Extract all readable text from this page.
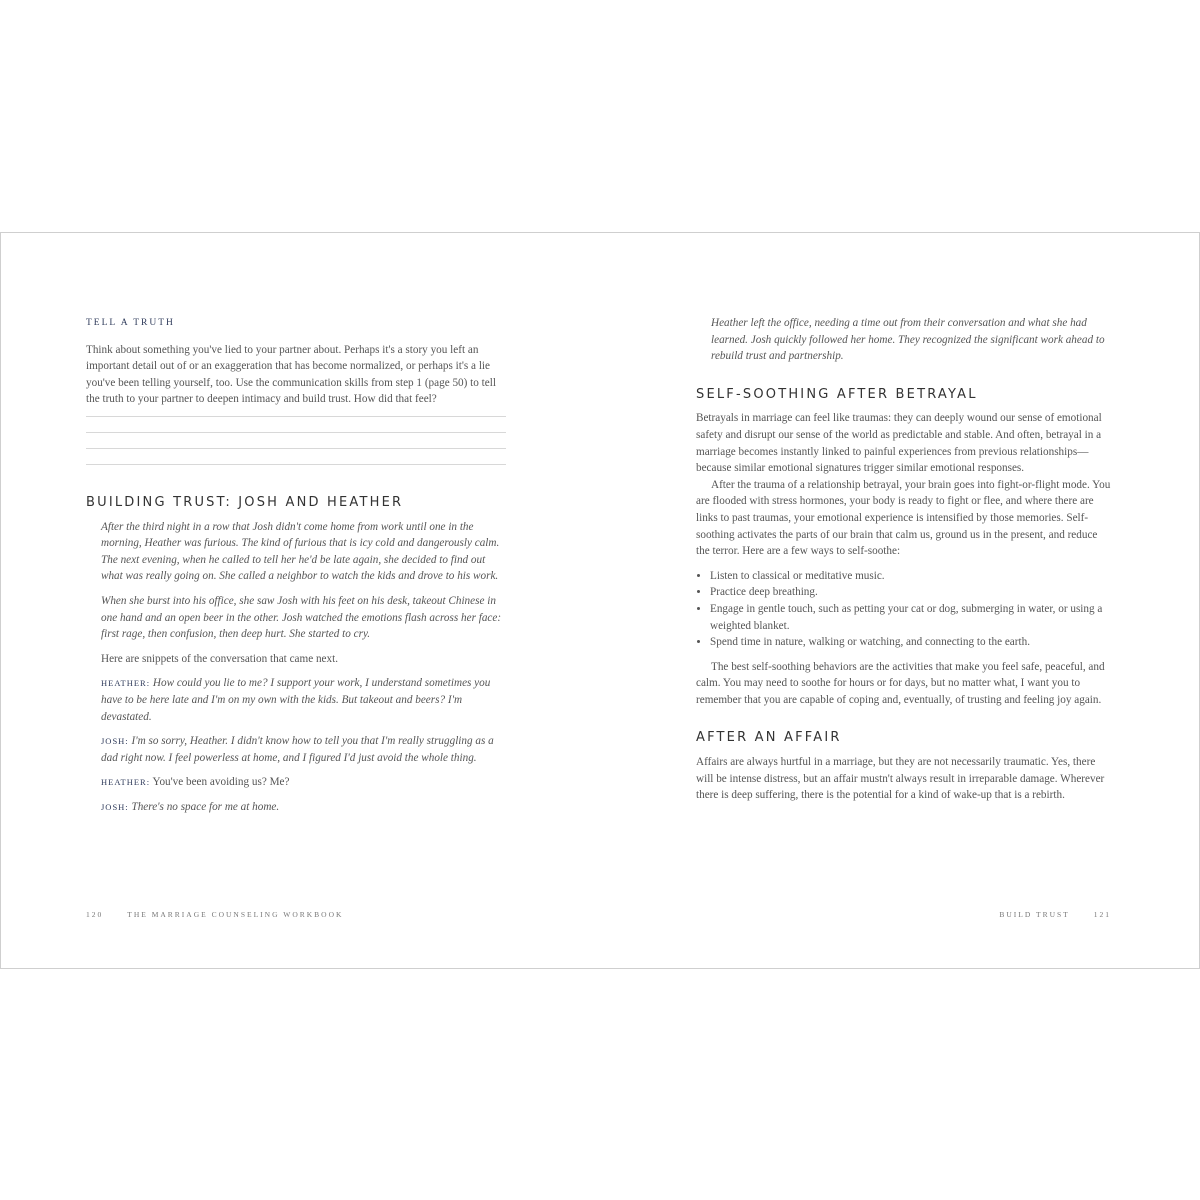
TELL A TRUTH

Think about something you've lied to your partner about. Perhaps it's a story you left an important detail out of or an exaggeration that has become normalized, or perhaps it's a lie you've been telling yourself, too. Use the communication skills from step 1 (page 50) to tell the truth to your partner to deepen intimacy and build trust. How did that feel?

BUILDING TRUST: JOSH AND HEATHER

After the third night in a row that Josh didn't come home from work until one in the morning, Heather was furious. The kind of furious that is icy cold and dangerously calm. The next evening, when he called to tell her he'd be late again, she decided to find out what was really going on. She called a neighbor to watch the kids and drove to his work.

When she burst into his office, she saw Josh with his feet on his desk, takeout Chinese in one hand and an open beer in the other. Josh watched the emotions flash across her face: first rage, then confusion, then deep hurt. She started to cry.

Here are snippets of the conversation that came next.

HEATHER: How could you lie to me? I support your work, I understand sometimes you have to be here late and I'm on my own with the kids. But takeout and beers? I'm devastated.

JOSH: I'm so sorry, Heather. I didn't know how to tell you that I'm really struggling as a dad right now. I feel powerless at home, and I figured I'd just avoid the whole thing.

HEATHER: You've been avoiding us? Me?

JOSH: There's no space for me at home.

120	THE MARRIAGE COUNSELING WORKBOOK

Heather left the office, needing a time out from their conversation and what she had learned. Josh quickly followed her home. They recognized the significant work ahead to rebuild trust and partnership.

SELF-SOOTHING AFTER BETRAYAL

Betrayals in marriage can feel like traumas: they can deeply wound our sense of emotional safety and disrupt our sense of the world as predictable and stable. And often, betrayal in a marriage becomes instantly linked to painful experiences from previous relationships—because similar emotional signatures trigger similar emotional responses.

After the trauma of a relationship betrayal, your brain goes into fight-or-flight mode. You are flooded with stress hormones, your body is ready to fight or flee, and where there are links to past traumas, your emotional experience is intensified by those memories. Self-soothing activates the parts of our brain that calm us, ground us in the present, and reduce the terror. Here are a few ways to self-soothe:

• Listen to classical or meditative music.
• Practice deep breathing.
• Engage in gentle touch, such as petting your cat or dog, submerging in water, or using a weighted blanket.
• Spend time in nature, walking or watching, and connecting to the earth.

The best self-soothing behaviors are the activities that make you feel safe, peaceful, and calm. You may need to soothe for hours or for days, but no matter what, I want you to remember that you are capable of coping and, eventually, of trusting and feeling joy again.

AFTER AN AFFAIR

Affairs are always hurtful in a marriage, but they are not necessarily traumatic. Yes, there will be intense distress, but an affair mustn't always result in irreparable damage. Wherever there is deep suffering, there is the potential for a kind of wake-up that is a rebirth.

BUILD TRUST	121
